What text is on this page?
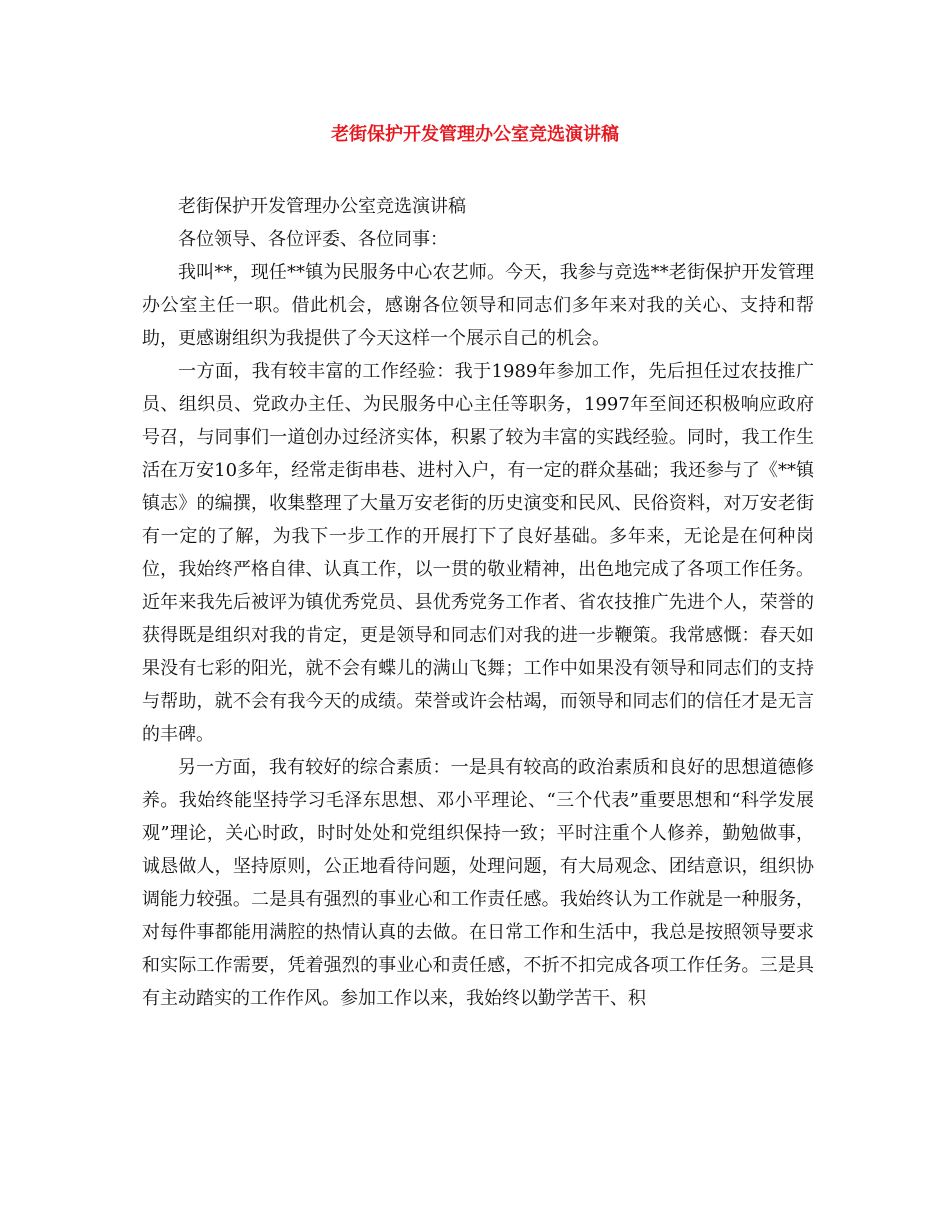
老街保护开发管理办公室竞选演讲稿

老街保护开发管理办公室竞选演讲稿

各位领导、各位评委、各位同事：

我叫**，现任**镇为民服务中心农艺师。今天，我参与竞选**老街保护开发管理办公室主任一职。借此机会，感谢各位领导和同志们多年来对我的关心、支持和帮助，更感谢组织为我提供了今天这样一个展示自己的机会。

一方面，我有较丰富的工作经验：我于1989年参加工作，先后担任过农技推广员、组织员、党政办主任、为民服务中心主任等职务，1997年至间还积极响应政府号召，与同事们一道创办过经济实体，积累了较为丰富的实践经验。同时，我工作生活在万安10多年，经常走街串巷、进村入户，有一定的群众基础；我还参与了《**镇镇志》的编撰，收集整理了大量万安老街的历史演变和民风、民俗资料，对万安老街有一定的了解，为我下一步工作的开展打下了良好基础。多年来，无论是在何种岗位，我始终严格自律、认真工作，以一贯的敬业精神，出色地完成了各项工作任务。近年来我先后被评为镇优秀党员、县优秀党务工作者、省农技推广先进个人，荣誉的获得既是组织对我的肯定，更是领导和同志们对我的进一步鞭策。我常感慨：春天如果没有七彩的阳光，就不会有蝶儿的满山飞舞；工作中如果没有领导和同志们的支持与帮助，就不会有我今天的成绩。荣誉或许会枯竭，而领导和同志们的信任才是无言的丰碑。

另一方面，我有较好的综合素质：一是具有较高的政治素质和良好的思想道德修养。我始终能坚持学习毛泽东思想、邓小平理论、“三个代表”重要思想和“科学发展观”理论，关心时政，时时处处和党组织保持一致；平时注重个人修养，勤勉做事，诚恳做人，坚持原则，公正地看待问题，处理问题，有大局观念、团结意识，组织协调能力较强。二是具有强烈的事业心和工作责任感。我始终认为工作就是一种服务，对每件事都能用满腔的热情认真的去做。在日常工作和生活中，我总是按照领导要求和实际工作需要，凭着强烈的事业心和责任感，不折不扣完成各项工作任务。三是具有主动踏实的工作作风。参加工作以来，我始终以勤学苦干、积
